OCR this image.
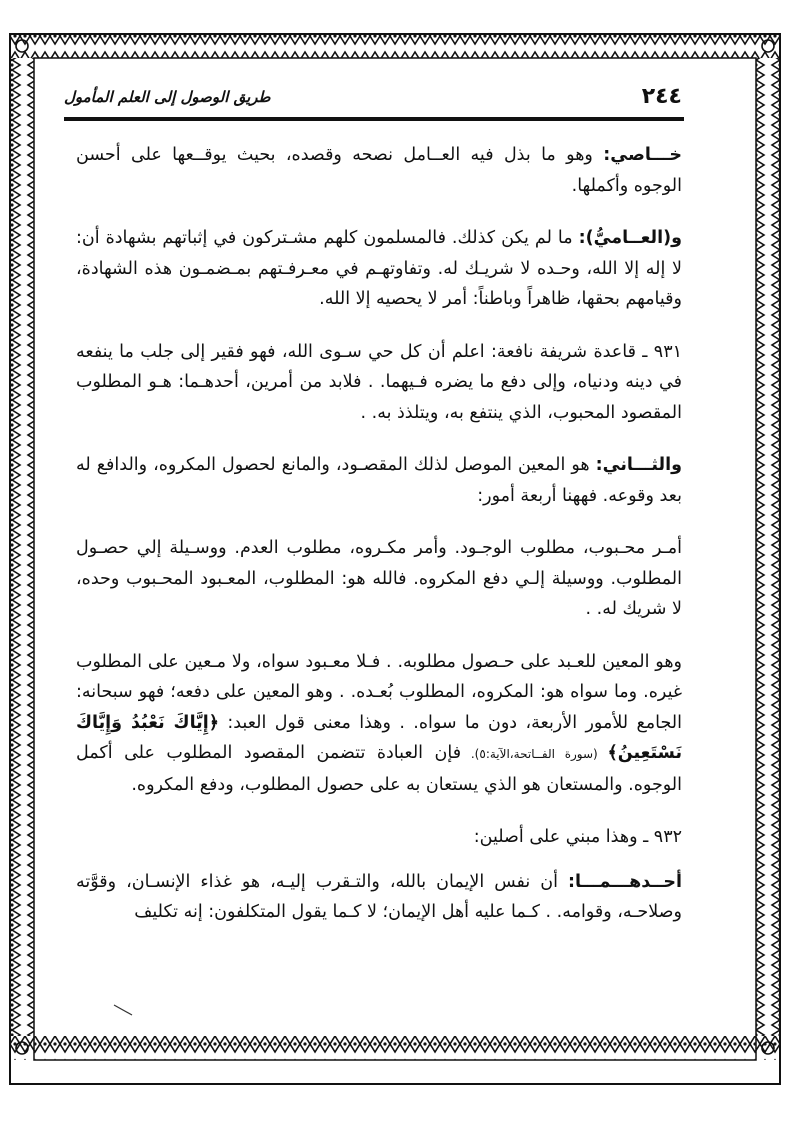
٢٤٤
طريق الوصول إلى العلم المأمول

خـــاصي: وهو ما بذل فيه العــامل نصحه وقصده، بحيث يوقــعها على أحسن الوجوه وأكملها.

و(العــاميُّ): ما لم يكن كذلك. فالمسلمون كلهم مشـتركون في إثباتهم بشهادة أن: لا إله إلا الله، وحـده لا شريـك له. وتفاوتهـم في معـرفـتهم بمـضمـون هذه الشهادة، وقيامهم بحقها، ظاهراً وباطناً: أمر لا يحصيه إلا الله.

٩٣١ ـ قاعدة شريفة نافعة: اعلم أن كل حي سـوى الله، فهو فقير إلى جلب ما ينفعه في دينه ودنياه، وإلى دفع ما يضره فـيهما. . فلابد من أمرين، أحدهـما: هـو المطلوب المقصود المحبوب، الذي ينتفع به، ويتلذذ به. .

والثـــاني: هو المعين الموصل لذلك المقصـود، والمانع لحصول المكروه، والدافع له بعد وقوعه. فههنا أربعة أمور:

أمـر محـبوب، مطلوب الوجـود. وأمر مكـروه، مطلوب العدم. ووسـيلة إلي حصـول المطلوب. ووسيلة إلـي دفع المكروه. فالله هو: المطلوب، المعـبود المحـبوب وحده، لا شريك له. .

وهو المعين للعـبد على حـصول مطلوبه. . فـلا معـبود سواه، ولا مـعين على المطلوب غيره. وما سواه هو: المكروه، المطلوب بُعـده. . وهو المعين على دفعه؛ فهو سبحانه: الجامع للأمور الأربعة، دون ما سواه. . وهذا معنى قول العبد: ﴿إِيَّاكَ نَعْبُدُ وَإِيَّاكَ نَسْتَعِينُ﴾ (سورة الفــاتحة،الآية:٥). فإن العبادة تتضمن المقصود المطلوب على أكمل الوجوه. والمستعان هو الذي يستعان به على حصول المطلوب، ودفع المكروه.

٩٣٢ ـ وهذا مبني على أصلين:

أحــدهـــمـــا: أن نفس الإيمان بالله، والتـقرب إليـه، هو غذاء الإنسـان، وقوَّته وصلاحـه، وقوامه. . كـما عليه أهل الإيمان؛ لا كـما يقول المتكلفون: إنه تكليف
